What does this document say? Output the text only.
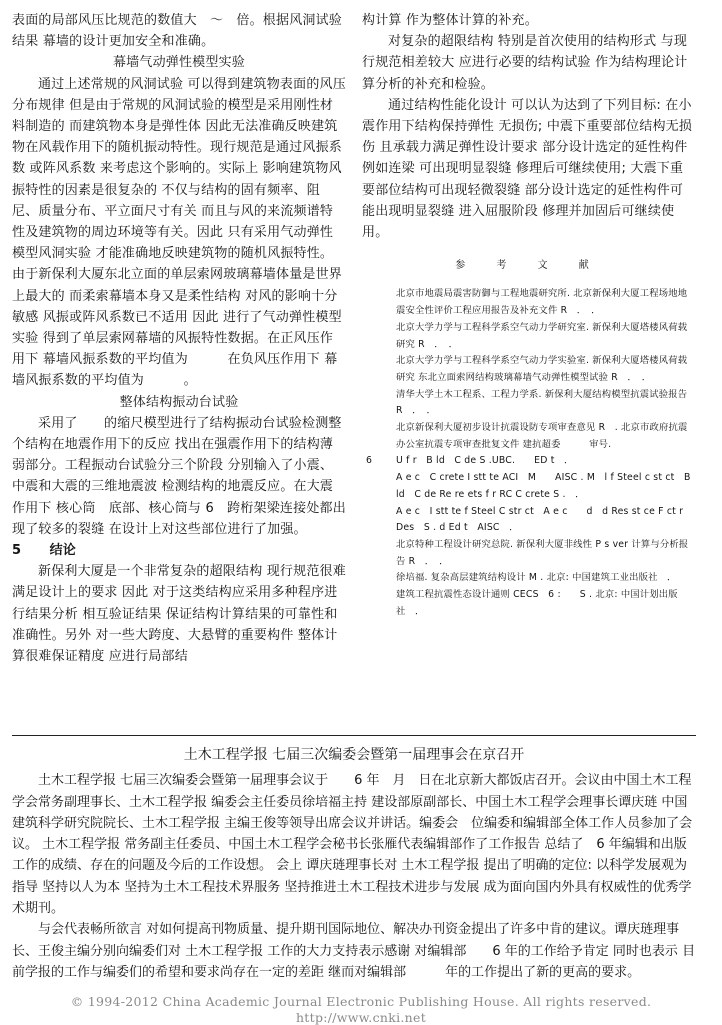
表面的局部风压比规范的数值大　～　倍。根据风洞试验结果 幕墙的设计更加安全和准确。

幕墙气动弹性模型实验

通过上述常规的风洞试验 可以得到建筑物表面的风压分布规律 但是由于常规的风洞试验的模型是采用刚性材料制造的 而建筑物本身是弹性体 因此无法准确反映建筑物在风载作用下的随机振动特性。现行规范是通过风振系数 或阵风系数 来考虑这个影响的。实际上 影响建筑物风振特性的因素是很复杂的 不仅与结构的固有频率、阻尼、质量分布、平立面尺寸有关 而且与风的来流频谱特性及建筑物的周边环境等有关。因此 只有采用气动弹性模型风洞实验 才能准确地反映建筑物的随机风振特性。 由于新保利大厦东北立面的单层索网玻璃幕墙体量是世界上最大的 而柔索幕墙本身又是柔性结构 对风的影响十分敏感 风振或阵风系数已不适用 因此 进行了气动弹性模型实验 得到了单层索网幕墙的风振特性数据。在正风压作用下 幕墙风振系数的平均值为　　　在负风压作用下 幕墙风振系数的平均值为　　　。

整体结构振动台试验

采用了　　的缩尺模型进行了结构振动台试验检测整个结构在地震作用下的反应 找出在强震作用下的结构薄弱部分。工程振动台试验分三个阶段 分别输入了小震、中震和大震的三维地震波 检测结构的地震反应。在大震作用下 核心筒　底部、核心筒与 6　跨桁架梁连接处都出现了较多的裂缝 在设计上对这些部位进行了加强。

5 结论

新保利大厦是一个非常复杂的超限结构 现行规范很难满足设计上的要求 因此 对于这类结构应采用多种程序进行结果分析 相互验证结果 保证结构计算结果的可靠性和准确性。另外 对一些大跨度、大悬臂的重要构件 整体计算很难保证精度 应进行局部结

构计算 作为整体计算的补充。

对复杂的超限结构 特别是首次使用的结构形式 与现行规范相差较大 应进行必要的结构试验 作为结构理论计算分析的补充和检验。

通过结构性能化设计 可以认为达到了下列目标: 在小震作用下结构保持弹性 无损伤; 中震下重要部位结构无损伤 且承载力满足弹性设计要求 部分设计选定的延性构件 例如连梁 可出现明显裂缝 修理后可继续使用; 大震下重要部位结构可出现轻微裂缝 部分设计选定的延性构件可能出现明显裂缝 进入屈服阶段 修理并加固后可继续使用。

参 考 文 献
北京市地震局震害防御与工程地震研究所. 北京新保利大厦工程场地地震安全性评价工程应用报告及补充文件 R　．　．
北京大学力学与工程科学系空气动力学研究室. 新保利大厦塔楼风荷载研究 R　．　．
北京大学力学与工程科学系空气动力学实验室. 新保利大厦塔楼风荷载研究 东北立面索网结构玻璃幕墙气动弹性模型试验 R　．　．
清华大学土木工程系、工程力学系. 新保利大厦结构模型抗震试验报告 R　．　．
北京新保利大厦初步设计抗震设防专项审查意见 R　. 北京市政府抗震办公室抗震专项审查批复文件 建抗超委　　　审号.
6	U f r　B ld　C de S .UBC.　　ED t　．
A e c　C crete I stt te ACI　M　　AISC . M　l f Steel c st ct　B ld　C de Re re ets f r RC C crete S .　．
A e c　I stt te f Steel C str ct　A e c　　d　d Res st ce F ct r Des　S . d Ed t　AISC　．
北京特种工程设计研究总院. 新保利大厦非线性 P s ver 计算与分析报告 R　．　．
徐培福. 复杂高层建筑结构设计 M . 北京: 中国建筑工业出版社　．
建筑工程抗震性态设计通则 CECS　6 :　　S . 北京: 中国计划出版社　．

土木工程学报 七届三次编委会暨第一届理事会在京召开

土木工程学报 七届三次编委会暨第一届理事会议于　　6 年　月　日在北京新大都饭店召开。会议由中国土木工程学会常务副理事长、土木工程学报 编委会主任委员徐培福主持 建设部原副部长、中国土木工程学会理事长谭庆琏 中国建筑科学研究院院长、土木工程学报 主编王俊等领导出席会议并讲话。编委会　位编委和编辑部全体工作人员参加了会议。 土木工程学报 常务副主任委员、中国土木工程学会秘书长张雁代表编辑部作了工作报告 总结了　6 年编辑和出版工作的成绩、存在的问题及今后的工作设想。 会上 谭庆琏理事长对 土木工程学报 提出了明确的定位: 以科学发展观为指导 坚持以人为本 坚持为土木工程技术界服务 坚持推进土木工程技术进步与发展 成为面向国内外具有权威性的优秀学术期刊。

与会代表畅所欲言 对如何提高刊物质量、提升期刊国际地位、解决办刊资金提出了许多中肯的建议。谭庆琏理事长、王俊主编分别向编委们对 土木工程学报 工作的大力支持表示感谢 对编辑部　　6 年的工作给予肯定 同时也表示 目前学报的工作与编委们的希望和要求尚存在一定的差距 继而对编辑部　　　年的工作提出了新的更高的要求。

© 1994-2012 China Academic Journal Electronic Publishing House. All rights reserved.　http://www.cnki.net
